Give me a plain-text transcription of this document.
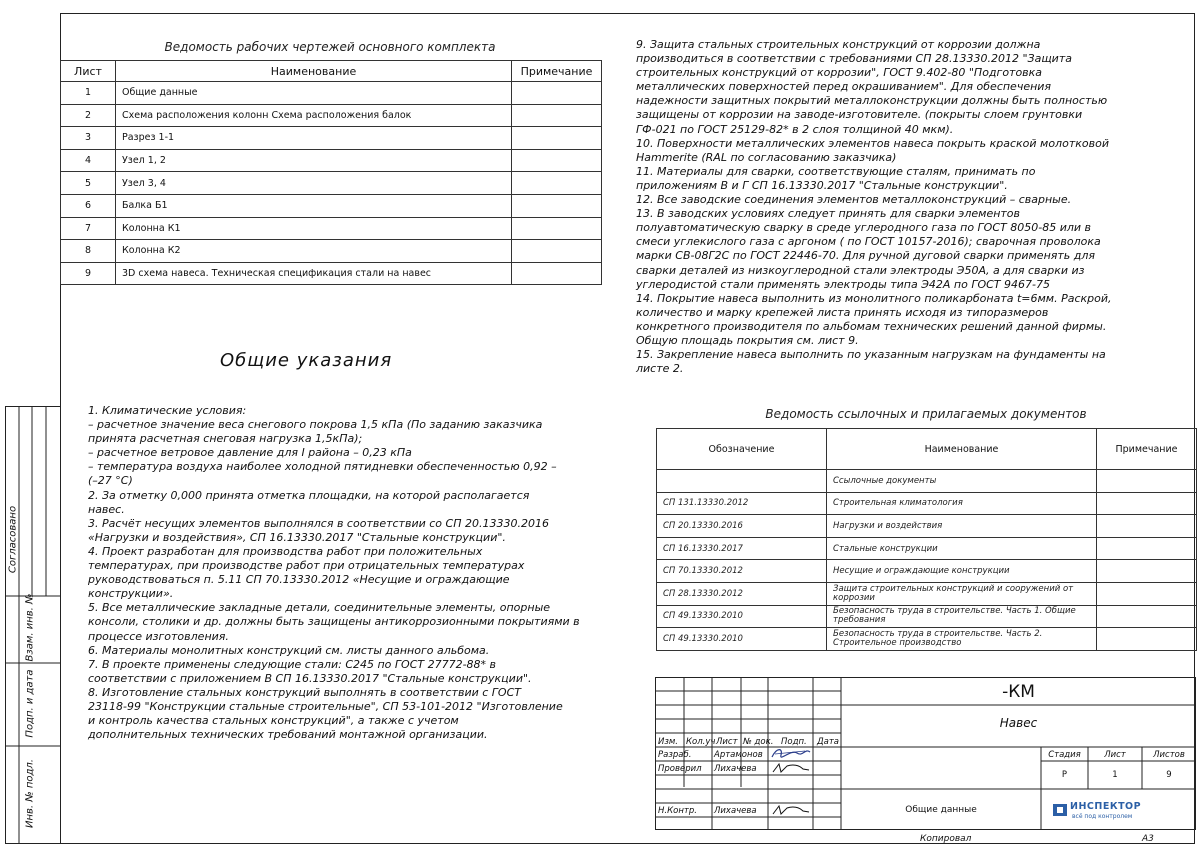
Согласовано
Взам. инв. №
Подп. и дата
Инв. № подл.
Ведомость рабочих чертежей основного комплекта
Лист	Наименование	Примечание
1	Общие данные	
2	Схема расположения колонн Схема расположения балок	
3	Разрез 1-1	
4	Узел 1, 2	
5	Узел 3, 4	
6	Балка Б1	
7	Колонна К1	
8	Колонна К2	
9	3D схема навеса. Техническая спецификация стали на навес	
Общие указания
1. Климатические условия:
– расчетное значение веса снегового покрова 1,5 кПа (По заданию заказчика
принята расчетная снеговая нагрузка 1,5кПа);
– расчетное ветровое давление для I района – 0,23 кПа
– температура воздуха наиболее холодной пятидневки обеспеченностью 0,92 –
(–27 °С)
2. За отметку 0,000 принята отметка площадки, на которой располагается
навес.
3. Расчёт несущих элементов выполнялся в соответствии со СП 20.13330.2016
«Нагрузки и воздействия», СП 16.13330.2017 "Стальные конструкции".
4. Проект разработан для производства работ при положительных
температурах, при производстве работ при отрицательных температурах
руководствоваться п. 5.11 СП 70.13330.2012 «Несущие и ограждающие
конструкции».
5. Все металлические закладные детали, соединительные элементы, опорные
консоли, столики и др. должны быть защищены антикоррозионными покрытиями в
процессе изготовления.
6. Материалы монолитных конструкций см. листы данного альбома.
7. В проекте применены следующие стали: С245 по ГОСТ 27772-88* в
соответствии с приложением В СП 16.13330.2017 "Стальные конструкции".
8. Изготовление стальных конструкций выполнять в соответствии с ГОСТ
23118-99 "Конструкции стальные строительные", СП 53-101-2012 "Изготовление
и контроль качества стальных конструкций", а также с учетом
дополнительных технических требований монтажной организации.
9. Защита стальных строительных конструкций от коррозии должна
производиться в соответствии с требованиями СП 28.13330.2012 "Защита
строительных конструкций от коррозии", ГОСТ 9.402-80 "Подготовка
металлических поверхностей перед окрашиванием". Для обеспечения
надежности защитных покрытий металлоконструкции должны быть полностью
защищены от коррозии на заводе-изготовителе. (покрыты слоем грунтовки
ГФ-021 по ГОСТ 25129-82* в 2 слоя толщиной 40 мкм).
10. Поверхности металлических элементов навеса покрыть краской молотковой
Hammerite (RAL по согласованию заказчика)
11. Материалы для сварки, соответствующие сталям, принимать по
приложениям В и Г СП 16.13330.2017 "Стальные конструкции".
12. Все заводские соединения элементов металлоконструкций – сварные.
13. В заводских условиях следует принять для сварки элементов
полуавтоматическую сварку в среде углеродного газа по ГОСТ 8050-85 или в
смеси углекислого газа с аргоном ( по ГОСТ 10157-2016); сварочная проволока
марки СВ-08Г2С по ГОСТ 22446-70. Для ручной дуговой сварки применять для
сварки деталей из низкоуглеродной стали электроды Э50А, а для сварки из
углеродистой стали применять электроды типа Э42А по ГОСТ 9467-75
14. Покрытие навеса выполнить из монолитного поликарбоната t=6мм. Раскрой,
количество и марку крепежей листа принять исходя из типоразмеров
конкретного производителя по альбомам технических решений данной фирмы.
Общую площадь покрытия см. лист 9.
15. Закрепление навеса выполнить по указанным нагрузкам на фундаменты на
листе 2.
Ведомость ссылочных и прилагаемых документов
Обозначение	Наименование	Примечание
	Ссылочные документы	
СП 131.13330.2012	Строительная климатология	
СП 20.13330.2016	Нагрузки и воздействия	
СП 16.13330.2017	Стальные конструкции	
СП 70.13330.2012	Несущие и ограждающие конструкции	
СП 28.13330.2012	Защита строительных конструкций и сооружений от коррозии	
СП 49.13330.2010	Безопасность труда в строительстве. Часть 1. Общие требования	
СП 49.13330.2010	Безопасность труда в строительстве. Часть 2. Строительное производство	
Изм. Кол.уч Лист № док. Подп. Дата
Разраб.	Артамонов
Проверил Лихачева
Н.Контр. Лихачева
-КМ
Навес
Стадия	Лист	Листов
Р	1	9
Общие данные	ИНСПЕКТОР
всё под контролем
Копировал	А3
